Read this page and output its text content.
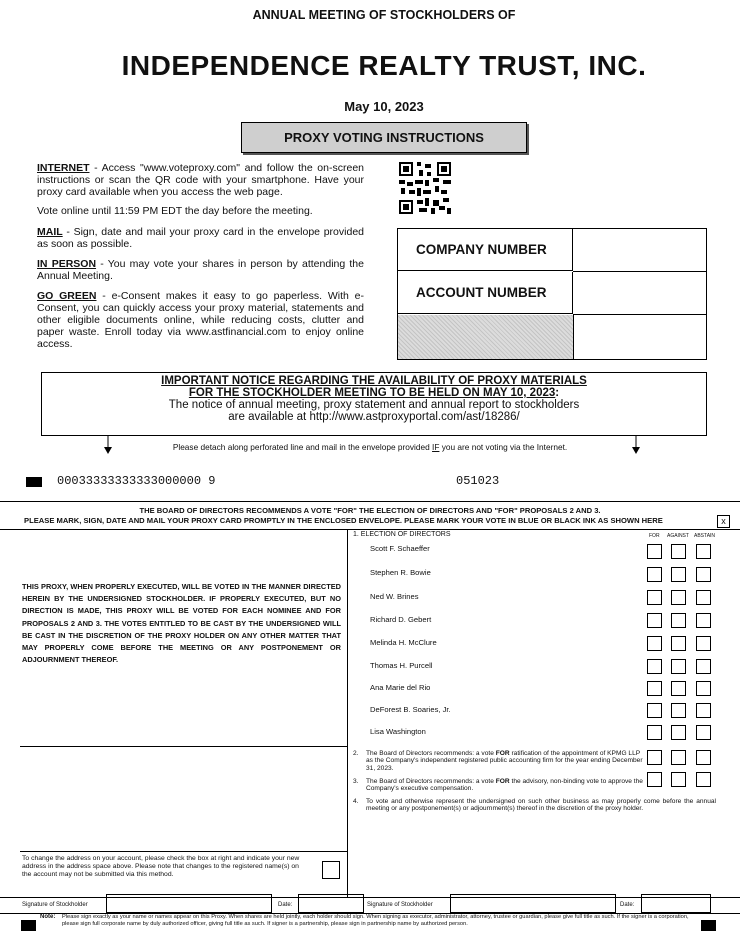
ANNUAL MEETING OF STOCKHOLDERS OF
INDEPENDENCE REALTY TRUST, INC.
May 10, 2023
PROXY VOTING INSTRUCTIONS
INTERNET - Access "www.voteproxy.com" and follow the on-screen instructions or scan the QR code with your smartphone. Have your proxy card available when you access the web page.
Vote online until 11:59 PM EDT the day before the meeting.
MAIL - Sign, date and mail your proxy card in the envelope provided as soon as possible.
IN PERSON - You may vote your shares in person by attending the Annual Meeting.
GO GREEN - e-Consent makes it easy to go paperless. With e-Consent, you can quickly access your proxy material, statements and other eligible documents online, while reducing costs, clutter and paper waste. Enroll today via www.astfinancial.com to enjoy online access.
COMPANY NUMBER
ACCOUNT NUMBER
IMPORTANT NOTICE REGARDING THE AVAILABILITY OF PROXY MATERIALS
FOR THE STOCKHOLDER MEETING TO BE HELD ON MAY 10, 2023:
The notice of annual meeting, proxy statement and annual report to stockholders
are available at http://www.astproxyportal.com/ast/18286/
Please detach along perforated line and mail in the envelope provided IF you are not voting via the Internet.
00033333333333000000 9	051023
THE BOARD OF DIRECTORS RECOMMENDS A VOTE "FOR" THE ELECTION OF DIRECTORS AND "FOR" PROPOSALS 2 AND 3.
PLEASE MARK, SIGN, DATE AND MAIL YOUR PROXY CARD PROMPTLY IN THE ENCLOSED ENVELOPE. PLEASE MARK YOUR VOTE IN BLUE OR BLACK INK AS SHOWN HERE	x
THIS PROXY, WHEN PROPERLY EXECUTED, WILL BE VOTED IN THE MANNER DIRECTED HEREIN BY THE UNDERSIGNED STOCKHOLDER. IF PROPERLY EXECUTED, BUT NO DIRECTION IS MADE, THIS PROXY WILL BE VOTED FOR EACH NOMINEE AND FOR PROPOSALS 2 AND 3. THE VOTES ENTITLED TO BE CAST BY THE UNDERSIGNED WILL BE CAST IN THE DISCRETION OF THE PROXY HOLDER ON ANY OTHER MATTER THAT MAY PROPERLY COME BEFORE THE MEETING OR ANY POSTPONEMENT OR ADJOURNMENT THEREOF.
1. ELECTION OF DIRECTORS	FOR AGAINST ABSTAIN
Scott F. Schaeffer
Stephen R. Bowie
Ned W. Brines
Richard D. Gebert
Melinda H. McClure
Thomas H. Purcell
Ana Marie del Rio
DeForest B. Soaries, Jr.
Lisa Washington
2. The Board of Directors recommends: a vote FOR ratification of the appointment of KPMG LLP as the Company's independent registered public accounting firm for the year ending December 31, 2023.
3. The Board of Directors recommends: a vote FOR the advisory, non-binding vote to approve the Company's executive compensation.
4. To vote and otherwise represent the undersigned on such other business as may properly come before the annual meeting or any postponement(s) or adjournment(s) thereof in the discretion of the proxy holder.
To change the address on your account, please check the box at right and indicate your new address in the address space above. Please note that changes to the registered name(s) on the account may not be submitted via this method.
Signature of Stockholder	Date:	Signature of Stockholder	Date:
Note: Please sign exactly as your name or names appear on this Proxy. When shares are held jointly, each holder should sign. When signing as executor, administrator, attorney, trustee or guardian, please give full title as such. If the signer is a corporation, please sign full corporate name by duly authorized officer, giving full title as such. If signer is a partnership, please sign in partnership name by authorized person.
